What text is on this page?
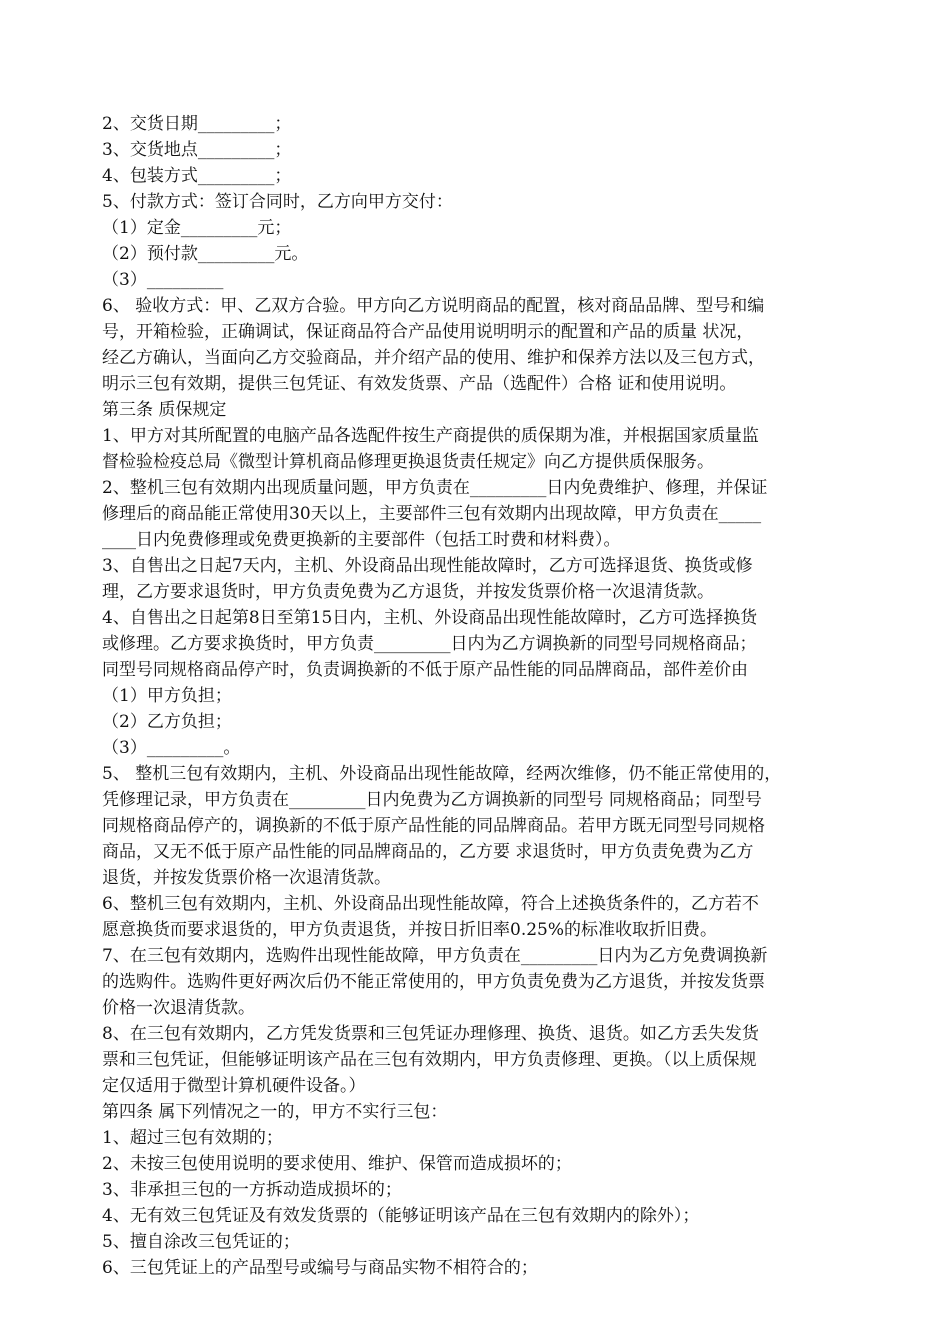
2、交货日期_________；
3、交货地点_________；
4、包装方式_________；
5、付款方式：签订合同时，乙方向甲方交付：
（1）定金_________元；
（2）预付款_________元。
（3）_________
6、 验收方式：甲、乙双方合验。甲方向乙方说明商品的配置，核对商品品牌、型号和编
号，开箱检验，正确调试，保证商品符合产品使用说明明示的配置和产品的质量 状况，
经乙方确认，当面向乙方交验商品，并介绍产品的使用、维护和保养方法以及三包方式，
明示三包有效期，提供三包凭证、有效发货票、产品（选配件）合格 证和使用说明。
第三条 质保规定
1、甲方对其所配置的电脑产品各选配件按生产商提供的质保期为准，并根据国家质量监
督检验检疫总局《微型计算机商品修理更换退货责任规定》向乙方提供质保服务。
2、整机三包有效期内出现质量问题，甲方负责在_________日内免费维护、修理，并保证
修理后的商品能正常使用30天以上，主要部件三包有效期内出现故障，甲方负责在_____
____日内免费修理或免费更换新的主要部件（包括工时费和材料费）。
3、自售出之日起7天内，主机、外设商品出现性能故障时，乙方可选择退货、换货或修
理，乙方要求退货时，甲方负责免费为乙方退货，并按发货票价格一次退清货款。
4、自售出之日起第8日至第15日内，主机、外设商品出现性能故障时，乙方可选择换货
或修理。乙方要求换货时，甲方负责_________日内为乙方调换新的同型号同规格商品；
同型号同规格商品停产时，负责调换新的不低于原产品性能的同品牌商品，部件差价由
（1）甲方负担；
（2）乙方负担；
（3）_________。
5、 整机三包有效期内，主机、外设商品出现性能故障，经两次维修，仍不能正常使用的，
凭修理记录，甲方负责在_________日内免费为乙方调换新的同型号 同规格商品；同型号
同规格商品停产的，调换新的不低于原产品性能的同品牌商品。若甲方既无同型号同规格
商品，又无不低于原产品性能的同品牌商品的，乙方要 求退货时，甲方负责免费为乙方
退货，并按发货票价格一次退清货款。
6、整机三包有效期内，主机、外设商品出现性能故障，符合上述换货条件的，乙方若不
愿意换货而要求退货的，甲方负责退货，并按日折旧率0.25%的标准收取折旧费。
7、在三包有效期内，选购件出现性能故障，甲方负责在_________日内为乙方免费调换新
的选购件。选购件更好两次后仍不能正常使用的，甲方负责免费为乙方退货，并按发货票
价格一次退清货款。
8、在三包有效期内，乙方凭发货票和三包凭证办理修理、换货、退货。如乙方丢失发货
票和三包凭证，但能够证明该产品在三包有效期内，甲方负责修理、更换。（以上质保规
定仅适用于微型计算机硬件设备。）
第四条 属下列情况之一的，甲方不实行三包：
1、超过三包有效期的；
2、未按三包使用说明的要求使用、维护、保管而造成损坏的；
3、非承担三包的一方拆动造成损坏的；
4、无有效三包凭证及有效发货票的（能够证明该产品在三包有效期内的除外）；
5、擅自涂改三包凭证的；
6、三包凭证上的产品型号或编号与商品实物不相符合的；
